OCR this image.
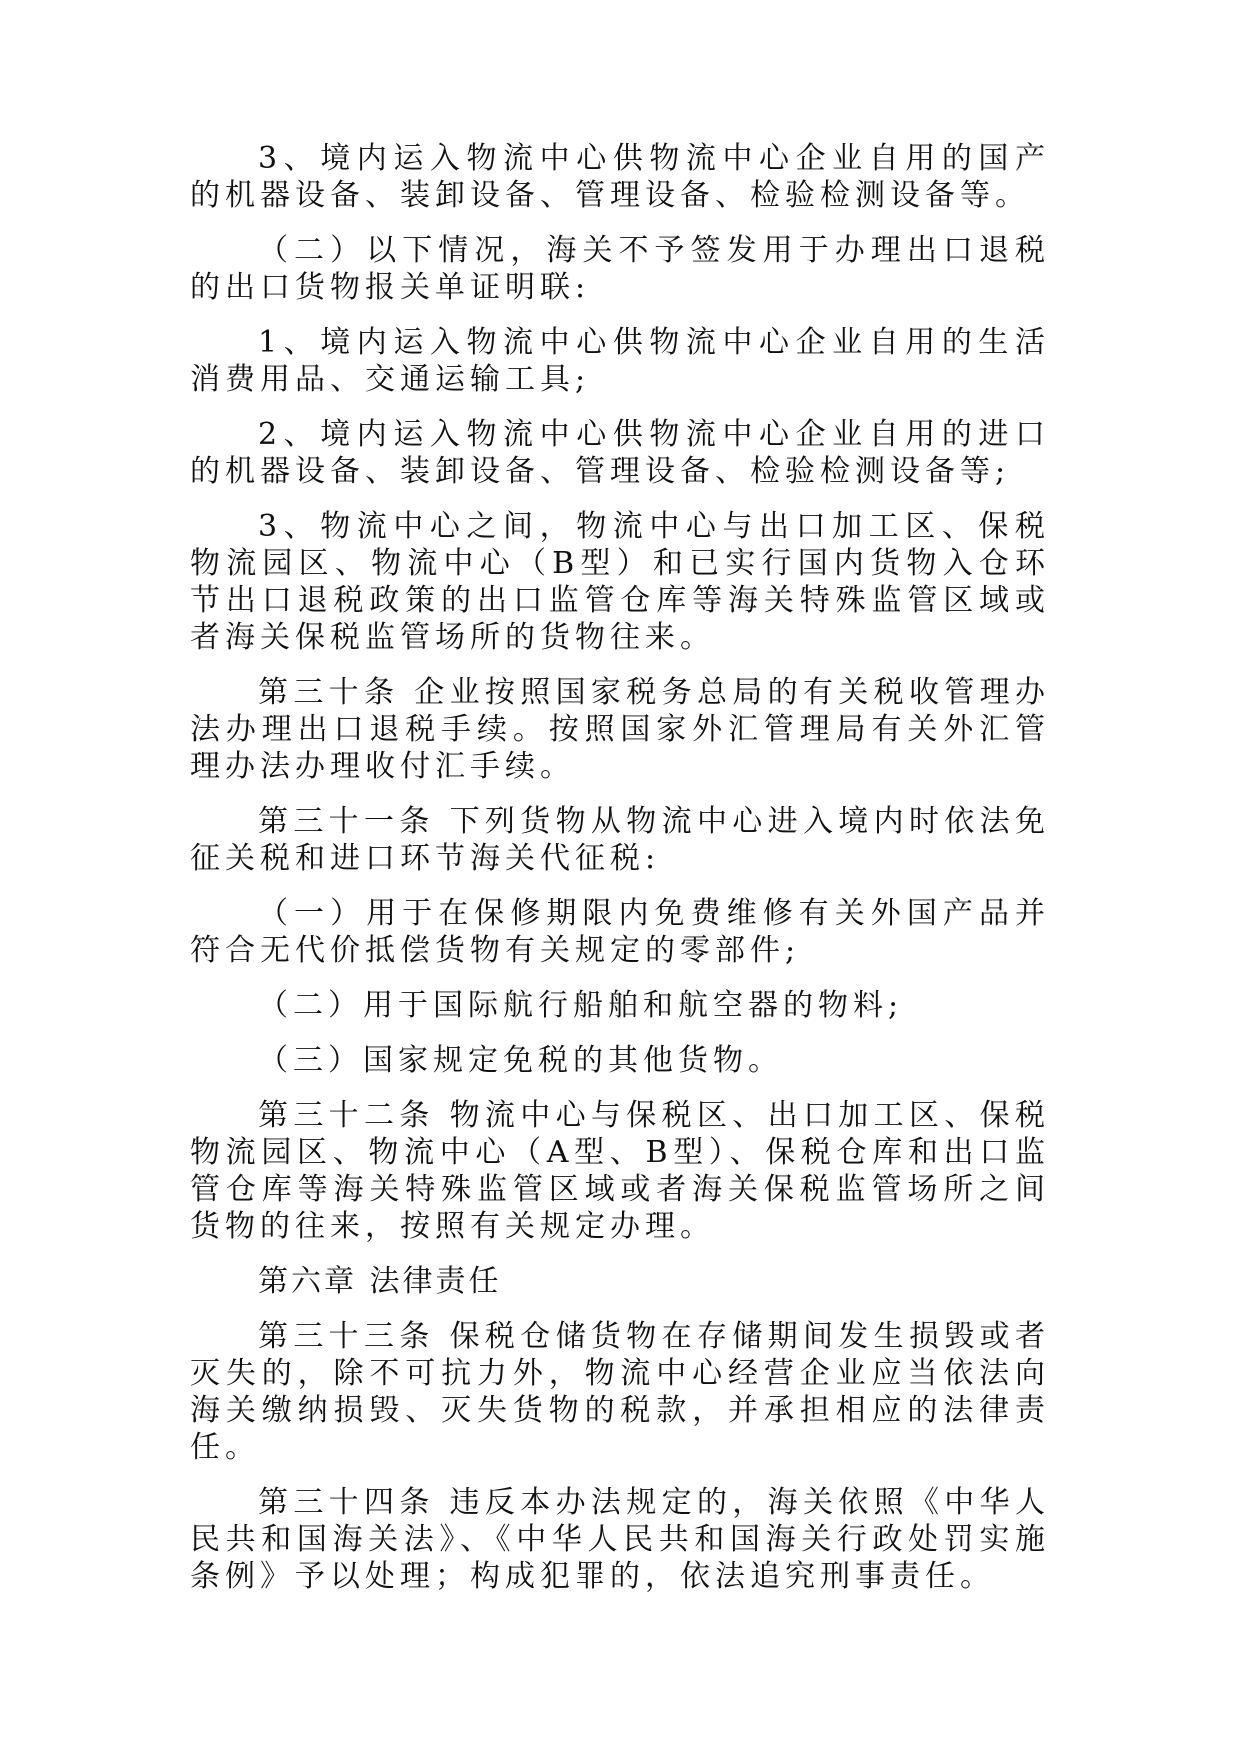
3、境内运入物流中心供物流中心企业自用的国产的机器设备、装卸设备、管理设备、检验检测设备等。

（二）以下情况，海关不予签发用于办理出口退税的出口货物报关单证明联:

1、境内运入物流中心供物流中心企业自用的生活消费用品、交通运输工具;

2、境内运入物流中心供物流中心企业自用的进口的机器设备、装卸设备、管理设备、检验检测设备等;

3、物流中心之间，物流中心与出口加工区、保税物流园区、物流中心（B型）和已实行国内货物入仓环节出口退税政策的出口监管仓库等海关特殊监管区域或者海关保税监管场所的货物往来。

第三十条 企业按照国家税务总局的有关税收管理办法办理出口退税手续。按照国家外汇管理局有关外汇管理办法办理收付汇手续。

第三十一条 下列货物从物流中心进入境内时依法免征关税和进口环节海关代征税:

（一）用于在保修期限内免费维修有关外国产品并符合无代价抵偿货物有关规定的零部件;

（二）用于国际航行船舶和航空器的物料;

（三）国家规定免税的其他货物。

第三十二条 物流中心与保税区、出口加工区、保税物流园区、物流中心（A型、B型）、保税仓库和出口监管仓库等海关特殊监管区域或者海关保税监管场所之间货物的往来，按照有关规定办理。

第六章 法律责任

第三十三条 保税仓储货物在存储期间发生损毁或者灭失的，除不可抗力外，物流中心经营企业应当依法向海关缴纳损毁、灭失货物的税款，并承担相应的法律责任。

第三十四条 违反本办法规定的，海关依照《中华人民共和国海关法》、《中华人民共和国海关行政处罚实施条例》予以处理；构成犯罪的，依法追究刑事责任。
